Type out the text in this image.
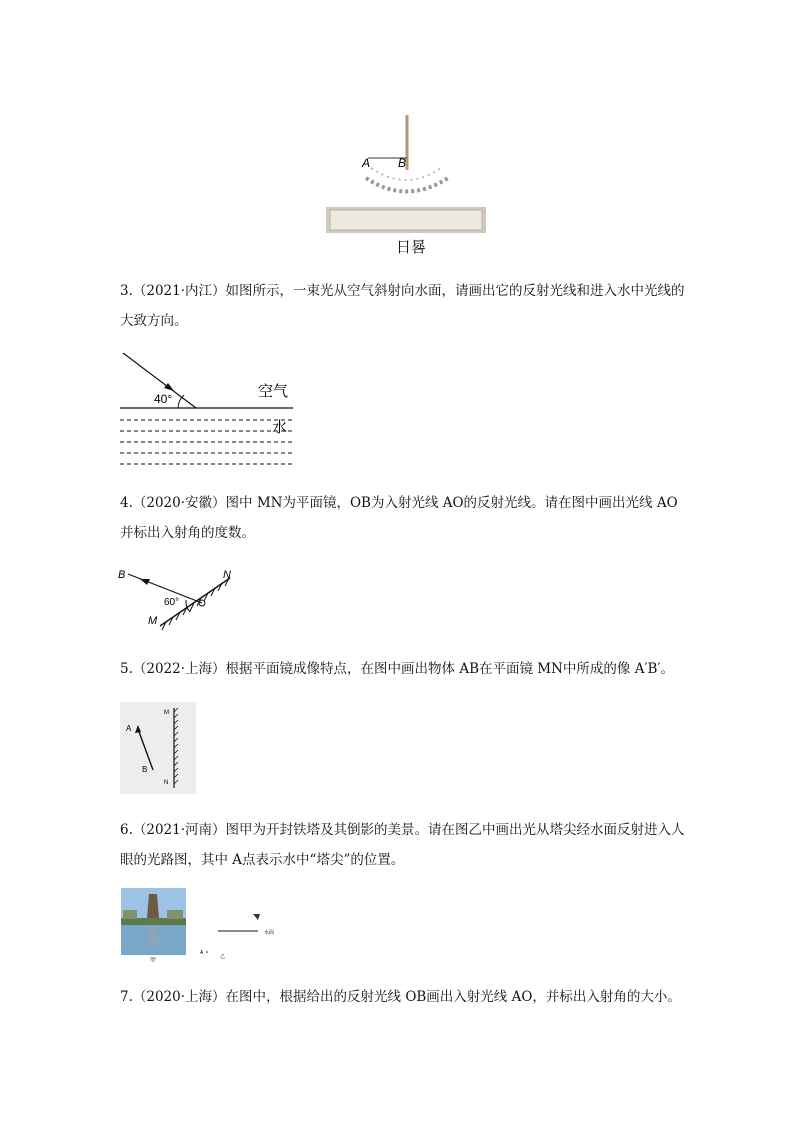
A B
日晷
3.（2021·内江）如图所示，一束光从空气斜射向水面，请画出它的反射光线和进入水中光线的大致方向。
40°	空气
水
4.（2020·安徽）图中 MN为平面镜，OB为入射光线 AO的反射光线。请在图中画出光线 AO 并标出入射角的度数。
B	N
M
60°
5.（2022·上海）根据平面镜成像特点，在图中画出物体 AB在平面镜 MN中所成的像 A′B′。
A
B
M
N
6.（2021·河南）图甲为开封铁塔及其倒影的美景。请在图乙中画出光从塔尖经水面反射进入人眼的光路图，其中 A点表示水中“塔尖”的位置。
甲
水面
A
乙
7.（2020·上海）在图中，根据给出的反射光线 OB画出入射光线 AO，并标出入射角的大小。
